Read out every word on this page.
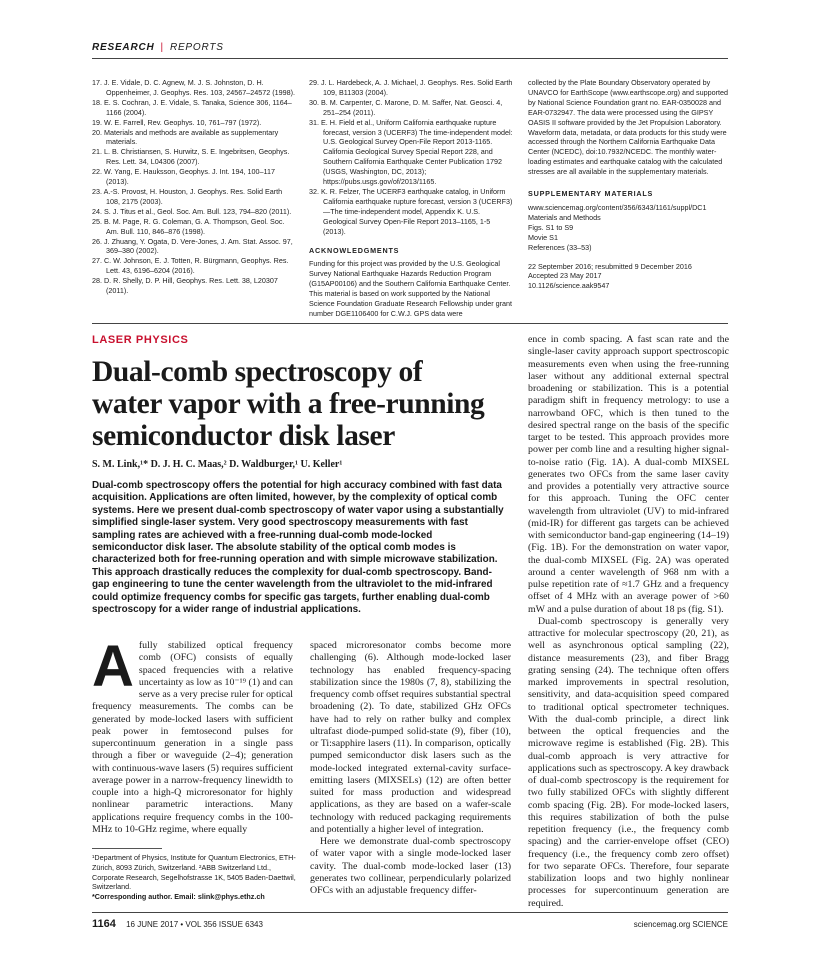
RESEARCH | REPORTS

17. J. E. Vidale, D. C. Agnew, M. J. S. Johnston, D. H. Oppenheimer, J. Geophys. Res. 103, 24567–24572 (1998).

18. E. S. Cochran, J. E. Vidale, S. Tanaka, Science 306, 1164–1166 (2004).

19. W. E. Farrell, Rev. Geophys. 10, 761–797 (1972).

20. Materials and methods are available as supplementary materials.

21. L. B. Christiansen, S. Hurwitz, S. E. Ingebritsen, Geophys. Res. Lett. 34, L04306 (2007).

22. W. Yang, E. Hauksson, Geophys. J. Int. 194, 100–117 (2013).

23. A.-S. Provost, H. Houston, J. Geophys. Res. Solid Earth 108, 2175 (2003).

24. S. J. Titus et al., Geol. Soc. Am. Bull. 123, 794–820 (2011).

25. B. M. Page, R. G. Coleman, G. A. Thompson, Geol. Soc. Am. Bull. 110, 846–876 (1998).

26. J. Zhuang, Y. Ogata, D. Vere-Jones, J. Am. Stat. Assoc. 97, 369–380 (2002).

27. C. W. Johnson, E. J. Totten, R. Bürgmann, Geophys. Res. Lett. 43, 6196–6204 (2016).

28. D. R. Shelly, D. P. Hill, Geophys. Res. Lett. 38, L20307 (2011).

29. J. L. Hardebeck, A. J. Michael, J. Geophys. Res. Solid Earth 109, B11303 (2004).

30. B. M. Carpenter, C. Marone, D. M. Saffer, Nat. Geosci. 4, 251–254 (2011).

31. E. H. Field et al., Uniform California earthquake rupture forecast, version 3 (UCERF3) The time-independent model: U.S. Geological Survey Open-File Report 2013-1165. California Geological Survey Special Report 228, and Southern California Earthquake Center Publication 1792 (USGS, Washington, DC, 2013); https://pubs.usgs.gov/of/2013/1165.

32. K. R. Felzer, The UCERF3 earthquake catalog, in Uniform California earthquake rupture forecast, version 3 (UCERF3)—The time-independent model, Appendix K. U.S. Geological Survey Open-File Report 2013–1165, 1-5 (2013).

ACKNOWLEDGMENTS

Funding for this project was provided by the U.S. Geological Survey National Earthquake Hazards Reduction Program (G15AP00106) and the Southern California Earthquake Center. This material is based on work supported by the National Science Foundation Graduate Research Fellowship under grant number DGE1106400 for C.W.J. GPS data were

collected by the Plate Boundary Observatory operated by UNAVCO for EarthScope (www.earthscope.org) and supported by National Science Foundation grant no. EAR-0350028 and EAR-0732947. The data were processed using the GIPSY OASIS II software provided by the Jet Propulsion Laboratory. Waveform data, metadata, or data products for this study were accessed through the Northern California Earthquake Data Center (NCEDC), doi:10.7932/NCEDC. The monthly water-loading estimates and earthquake catalog with the calculated stresses are all available in the supplementary materials.

SUPPLEMENTARY MATERIALS

www.sciencemag.org/content/356/6343/1161/suppl/DC1

Materials and Methods

Figs. S1 to S9

Movie S1

References (33–53)

22 September 2016; resubmitted 9 December 2016

Accepted 23 May 2017

10.1126/science.aak9547

LASER PHYSICS
Dual-comb spectroscopy of water vapor with a free-running semiconductor disk laser
S. M. Link,¹* D. J. H. C. Maas,² D. Waldburger,¹ U. Keller¹
Dual-comb spectroscopy offers the potential for high accuracy combined with fast data acquisition. Applications are often limited, however, by the complexity of optical comb systems. Here we present dual-comb spectroscopy of water vapor using a substantially simplified single-laser system. Very good spectroscopy measurements with fast sampling rates are achieved with a free-running dual-comb mode-locked semiconductor disk laser. The absolute stability of the optical comb modes is characterized both for free-running operation and with simple microwave stabilization. This approach drastically reduces the complexity for dual-comb spectroscopy. Band-gap engineering to tune the center wavelength from the ultraviolet to the mid-infrared could optimize frequency combs for specific gas targets, further enabling dual-comb spectroscopy for a wider range of industrial applications.
A fully stabilized optical frequency comb (OFC) consists of equally spaced frequencies with a relative uncertainty as low as 10⁻¹⁹ (1) and can serve as a very precise ruler for optical frequency measurements. The combs can be generated by mode-locked lasers with sufficient peak power in femtosecond pulses for supercontinuum generation in a single pass through a fiber or waveguide (2–4); generation with continuous-wave lasers (5) requires sufficient average power in a narrow-frequency linewidth to couple into a high-Q microresonator for highly nonlinear parametric interactions. Many applications require frequency combs in the 100-MHz to 10-GHz regime, where equally

spaced microresonator combs become more challenging (6). Although mode-locked laser technology has enabled frequency-spacing stabilization since the 1980s (7, 8), stabilizing the frequency comb offset requires substantial spectral broadening (2). To date, stabilized GHz OFCs have had to rely on rather bulky and complex ultrafast diode-pumped solid-state (9), fiber (10), or Ti:sapphire lasers (11). In comparison, optically pumped semiconductor disk lasers such as the mode-locked integrated external-cavity surface-emitting lasers (MIXSELs) (12) are often better suited for mass production and widespread applications, as they are based on a wafer-scale technology with reduced packaging requirements and potentially a higher level of integration.

Here we demonstrate dual-comb spectroscopy of water vapor with a single mode-locked laser cavity. The dual-comb mode-locked laser (13) generates two collinear, perpendicularly polarized OFCs with an adjustable frequency differ-

ence in comb spacing. A fast scan rate and the single-laser cavity approach support spectroscopic measurements even when using the free-running laser without any additional external spectral broadening or stabilization. This is a potential paradigm shift in frequency metrology: to use a narrowband OFC, which is then tuned to the desired spectral range on the basis of the specific target to be tested. This approach provides more power per comb line and a resulting higher signal-to-noise ratio (Fig. 1A). A dual-comb MIXSEL generates two OFCs from the same laser cavity and provides a potentially very attractive source for this approach. Tuning the OFC center wavelength from ultraviolet (UV) to mid-infrared (mid-IR) for different gas targets can be achieved with semiconductor band-gap engineering (14–19) (Fig. 1B). For the demonstration on water vapor, the dual-comb MIXSEL (Fig. 2A) was operated around a center wavelength of 968 nm with a pulse repetition rate of ≈1.7 GHz and a frequency offset of 4 MHz with an average power of >60 mW and a pulse duration of about 18 ps (fig. S1).

Dual-comb spectroscopy is generally very attractive for molecular spectroscopy (20, 21), as well as asynchronous optical sampling (22), distance measurements (23), and fiber Bragg grating sensing (24). The technique often offers marked improvements in spectral resolution, sensitivity, and data-acquisition speed compared to traditional optical spectrometer techniques. With the dual-comb principle, a direct link between the optical frequencies and the microwave regime is established (Fig. 2B). This dual-comb approach is very attractive for applications such as spectroscopy. A key drawback of dual-comb spectroscopy is the requirement for two fully stabilized OFCs with slightly different comb spacing (Fig. 2B). For mode-locked lasers, this requires stabilization of both the pulse repetition frequency (i.e., the frequency comb spacing) and the carrier-envelope offset (CEO) frequency (i.e., the frequency comb zero offset) for two separate OFCs. Therefore, four separate stabilization loops and two highly nonlinear processes for supercontinuum generation are required.

¹Department of Physics, Institute for Quantum Electronics, ETH-Zürich, 8093 Zürich, Switzerland. ²ABB Switzerland Ltd., Corporate Research, Segelhofstrasse 1K, 5405 Baden-Daettwil, Switzerland.
*Corresponding author. Email: slink@phys.ethz.ch
1164 16 JUNE 2017 • VOL 356 ISSUE 6343	sciencemag.org SCIENCE
